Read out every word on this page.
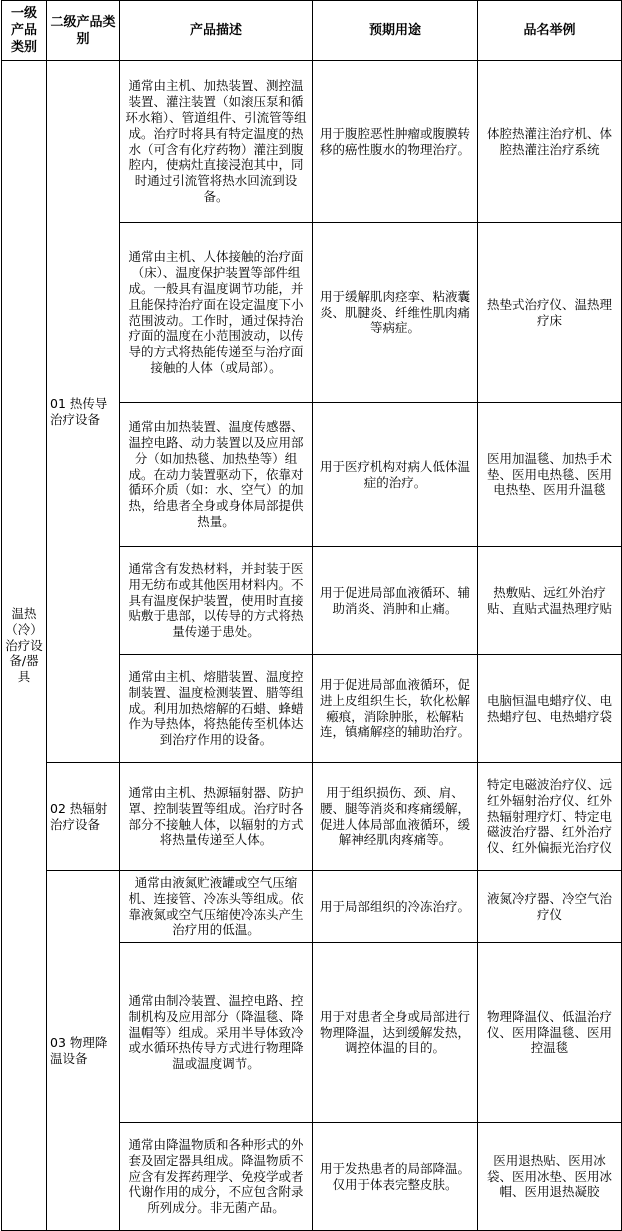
一级产品类别	二级产品类别	产品描述	预期用途	品名举例
温热（冷）治疗设备/器具	01 热传导治疗设备	通常由主机、加热装置、测控温装置、灌注装置（如滚压泵和循环水箱）、管道组件、引流管等组成。治疗时将具有特定温度的热水（可含有化疗药物）灌注到腹腔内，使病灶直接浸泡其中，同时通过引流管将热水回流到设备。	用于腹腔恶性肿瘤或腹膜转移的癌性腹水的物理治疗。	体腔热灌注治疗机、体腔热灌注治疗系统
		通常由主机、人体接触的治疗面（床）、温度保护装置等部件组成。一般具有温度调节功能，并且能保持治疗面在设定温度下小范围波动。工作时，通过保持治疗面的温度在小范围波动，以传导的方式将热能传递至与治疗面接触的人体（或局部）。	用于缓解肌肉痉挛、粘液囊炎、肌腱炎、纤维性肌肉痛等病症。	热垫式治疗仪、温热理疗床
		通常由加热装置、温度传感器、温控电路、动力装置以及应用部分（如加热毯、加热垫等）组成。在动力装置驱动下，依靠对循环介质（如：水、空气）的加热，给患者全身或身体局部提供热量。	用于医疗机构对病人低体温症的治疗。	医用加温毯、加热手术垫、医用电热毯、医用电热垫、医用升温毯
		通常含有发热材料，并封装于医用无纺布或其他医用材料内。不具有温度保护装置，使用时直接贴敷于患部，以传导的方式将热量传递于患处。	用于促进局部血液循环、辅助消炎、消肿和止痛。	热敷贴、远红外治疗贴、直贴式温热理疗贴
		通常由主机、熔腊装置、温度控制装置、温度检测装置、腊等组成。利用加热熔解的石蜡、蜂蜡作为导热体，将热能传至机体达到治疗作用的设备。	用于促进局部血液循环，促进上皮组织生长，软化松解瘢痕，消除肿胀，松解粘连，镇痛解痉的辅助治疗。	电脑恒温电蜡疗仪、电热蜡疗包、电热蜡疗袋
	02 热辐射治疗设备	通常由主机、热源辐射器、防护罩、控制装置等组成。治疗时各部分不接触人体，以辐射的方式将热量传递至人体。	用于组织损伤、颈、肩、腰、腿等消炎和疼痛缓解，促进人体局部血液循环，缓解神经肌肉疼痛等。	特定电磁波治疗仪、远红外辐射治疗仪、红外热辐射理疗灯、特定电磁波治疗器、红外治疗仪、红外偏振光治疗仪
	03 物理降温设备	通常由液氮贮液罐或空气压缩机、连接管、冷冻头等组成。依靠液氮或空气压缩使冷冻头产生治疗用的低温。	用于局部组织的冷冻治疗。	液氮冷疗器、冷空气治疗仪
		通常由制冷装置、温控电路、控制机构及应用部分（降温毯、降温帽等）组成。采用半导体致冷或水循环热传导方式进行物理降温或温度调节。	用于对患者全身或局部进行物理降温，达到缓解发热，调控体温的目的。	物理降温仪、低温治疗仪、医用降温毯、医用控温毯
		通常由降温物质和各种形式的外套及固定器具组成。降温物质不应含有发挥药理学、免疫学或者代谢作用的成分，不应包含附录所列成分。非无菌产品。	用于发热患者的局部降温。仅用于体表完整皮肤。	医用退热贴、医用冰袋、医用冰垫、医用冰帽、医用退热凝胶
